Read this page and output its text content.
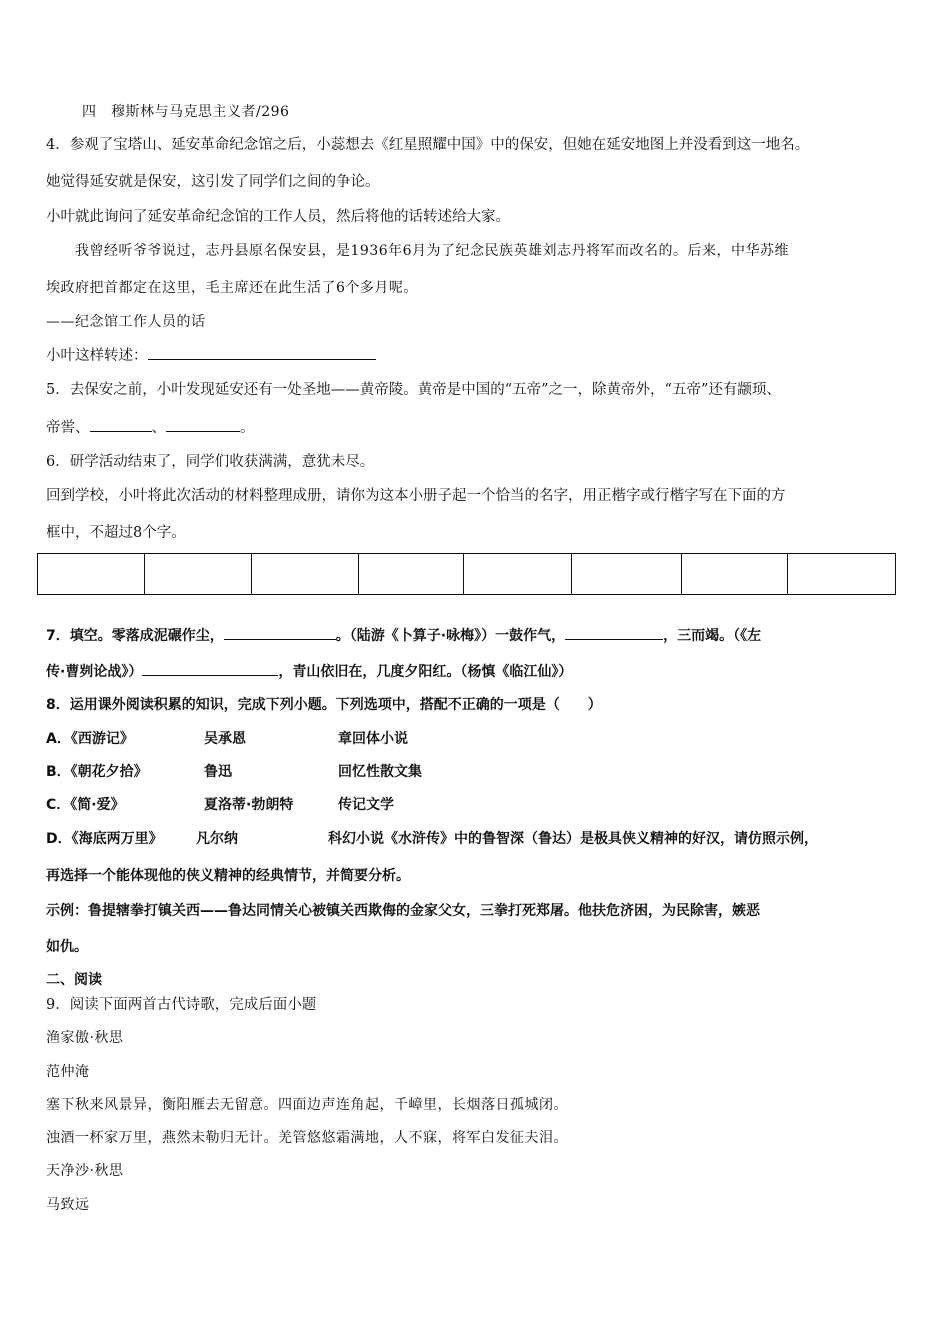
四　穆斯林与马克思主义者/296
4．参观了宝塔山、延安革命纪念馆之后，小蕊想去《红星照耀中国》中的保安，但她在延安地图上并没看到这一地名。
她觉得延安就是保安，这引发了同学们之间的争论。
小叶就此询问了延安革命纪念馆的工作人员，然后将他的话转述给大家。
　　我曾经听爷爷说过，志丹县原名保安县，是1936年6月为了纪念民族英雄刘志丹将军而改名的。后来，中华苏维
埃政府把首都定在这里，毛主席还在此生活了6个多月呢。
——纪念馆工作人员的话
小叶这样转述：
5．去保安之前，小叶发现延安还有一处圣地——黄帝陵。黄帝是中国的“五帝”之一，除黄帝外，“五帝”还有颛顼、
帝喾、	、	。
6．研学活动结束了，同学们收获满满，意犹未尽。
回到学校，小叶将此次活动的材料整理成册，请你为这本小册子起一个恰当的名字，用正楷字或行楷字写在下面的方
框中，不超过8个字。
7．填空。零落成泥碾作尘，	。（陆游《卜算子·咏梅》）一鼓作气，	，三而竭。（《左
传·曹刿论战》）	，青山依旧在，几度夕阳红。（杨慎《临江仙》）
8．运用课外阅读积累的知识，完成下列小题。下列选项中，搭配不正确的一项是（　　）
A．《西游记》	吴承恩	章回体小说
B．《朝花夕拾》	鲁迅	回忆性散文集
C．《简·爱》	夏洛蒂·勃朗特	传记文学
D．《海底两万里》 凡尔纳	科幻小说《水浒传》中的鲁智深（鲁达）是极具侠义精神的好汉，请仿照示例，
再选择一个能体现他的侠义精神的经典情节，并简要分析。
示例：鲁提辖拳打镇关西——鲁达同情关心被镇关西欺侮的金家父女，三拳打死郑屠。他扶危济困，为民除害，嫉恶
如仇。
二、阅读
9．阅读下面两首古代诗歌，完成后面小题
渔家傲·秋思
范仲淹
塞下秋来风景异，衡阳雁去无留意。四面边声连角起，千嶂里，长烟落日孤城闭。
浊酒一杯家万里，燕然未勒归无计。羌管悠悠霜满地，人不寐，将军白发征夫泪。
天净沙·秋思
马致远
